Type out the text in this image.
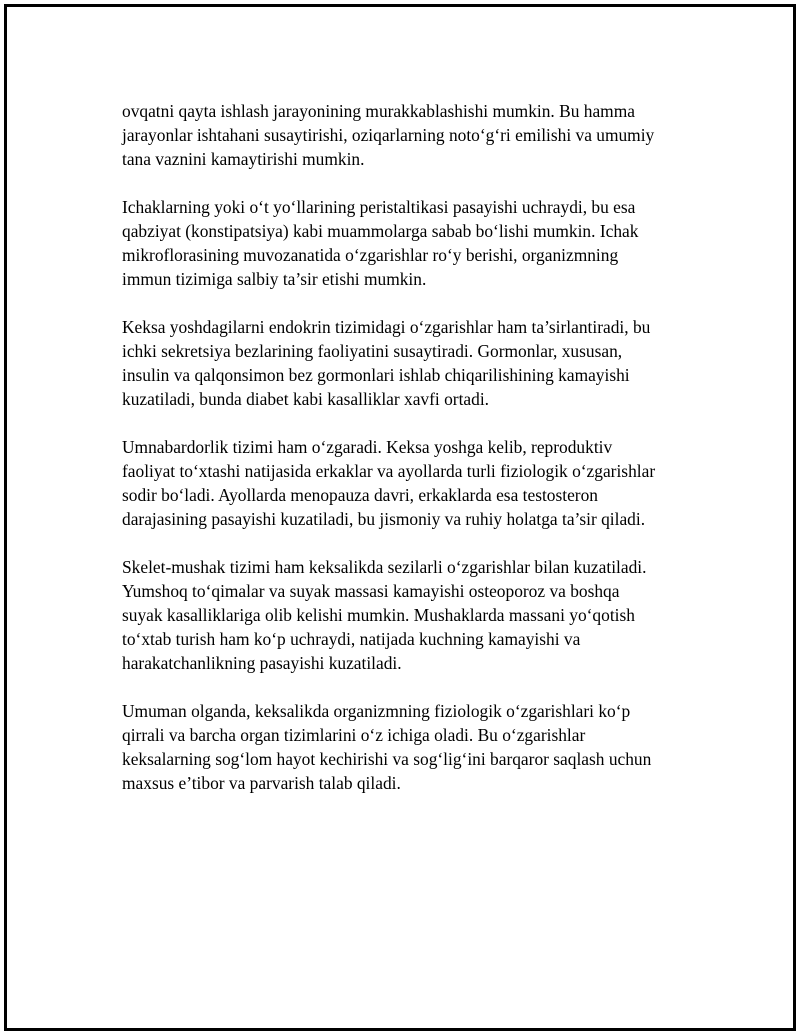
ovqatni qayta ishlash jarayonining murakkablashishi mumkin. Bu hamma
jarayonlar ishtahani susaytirishi, oziqarlarning noto‘g‘ri emilishi va umumiy
tana vaznini kamaytirishi mumkin.

Ichaklarning yoki o‘t yo‘llarining peristaltikasi pasayishi uchraydi, bu esa
qabziyat (konstipatsiya) kabi muammolarga sabab bo‘lishi mumkin. Ichak
mikroflorasining muvozanatida o‘zgarishlar ro‘y berishi, organizmning
immun tizimiga salbiy ta’sir etishi mumkin.

Keksa yoshdagilarni endokrin tizimidagi o‘zgarishlar ham ta’sirlantiradi, bu
ichki sekretsiya bezlarining faoliyatini susaytiradi. Gormonlar, xususan,
insulin va qalqonsimon bez gormonlari ishlab chiqarilishining kamayishi
kuzatiladi, bunda diabet kabi kasalliklar xavfi ortadi.

Umnabardorlik tizimi ham o‘zgaradi. Keksa yoshga kelib, reproduktiv
faoliyat to‘xtashi natijasida erkaklar va ayollarda turli fiziologik o‘zgarishlar
sodir bo‘ladi. Ayollarda menopauza davri, erkaklarda esa testosteron
darajasining pasayishi kuzatiladi, bu jismoniy va ruhiy holatga ta’sir qiladi.

Skelet-mushak tizimi ham keksalikda sezilarli o‘zgarishlar bilan kuzatiladi.
Yumshoq to‘qimalar va suyak massasi kamayishi osteoporoz va boshqa
suyak kasalliklariga olib kelishi mumkin. Mushaklarda massani yo‘qotish
to‘xtab turish ham ko‘p uchraydi, natijada kuchning kamayishi va
harakatchanlikning pasayishi kuzatiladi.

Umuman olganda, keksalikda organizmning fiziologik o‘zgarishlari ko‘p
qirrali va barcha organ tizimlarini o‘z ichiga oladi. Bu o‘zgarishlar
keksalarning sog‘lom hayot kechirishi va sog‘lig‘ini barqaror saqlash uchun
maxsus e’tibor va parvarish talab qiladi.
